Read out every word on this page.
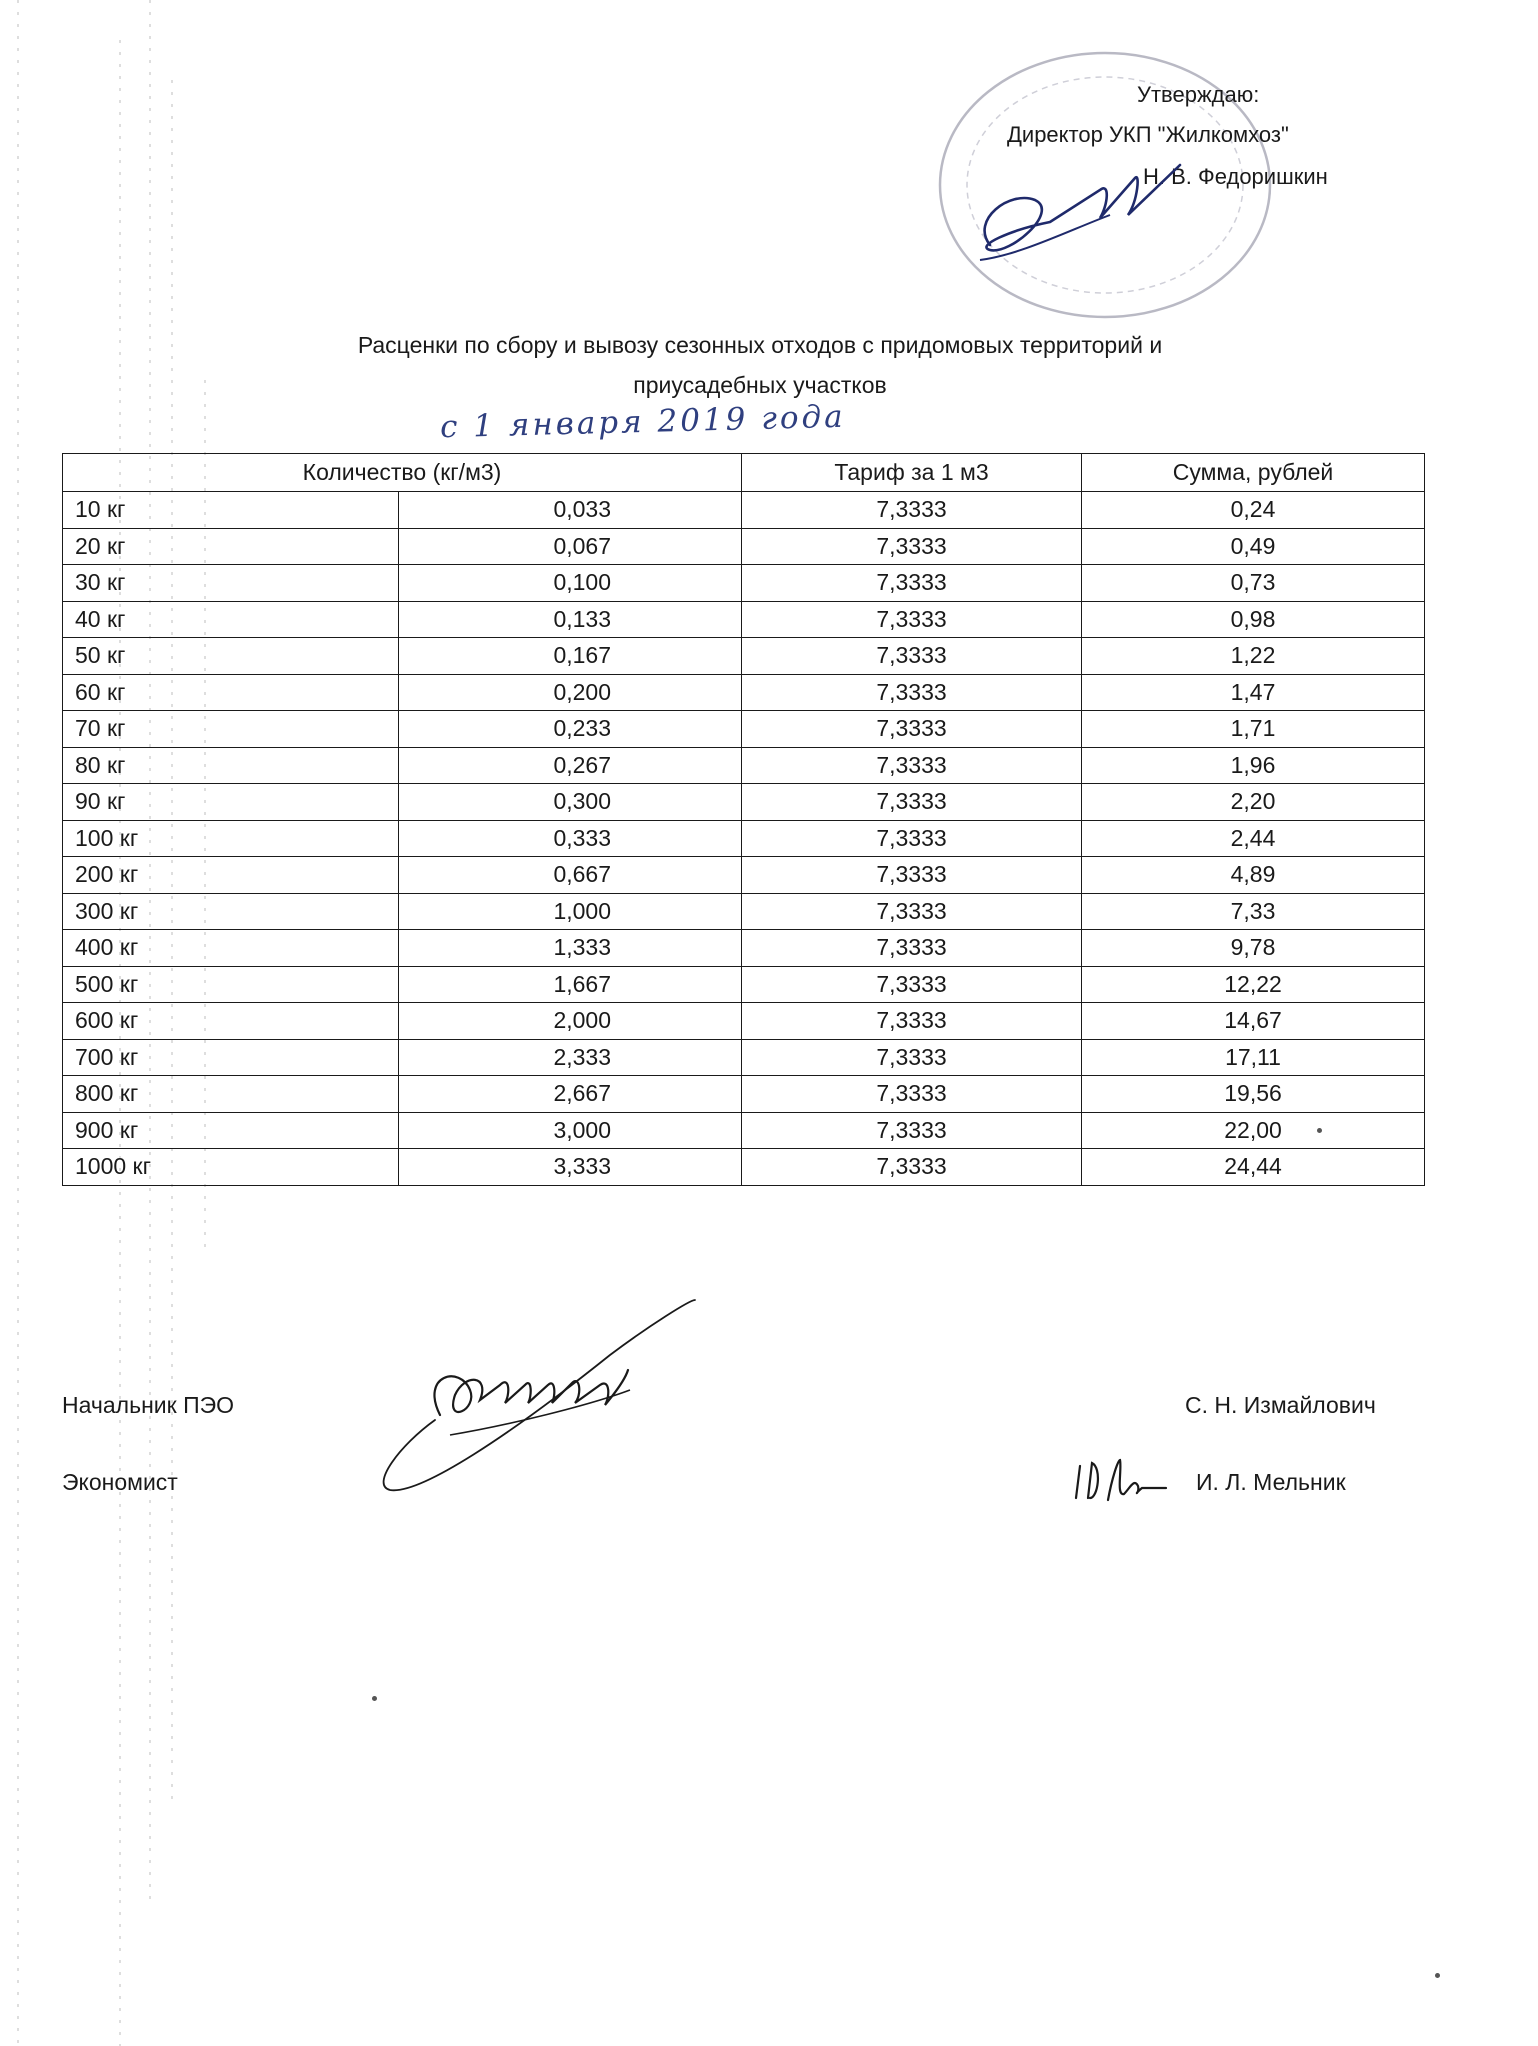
Утверждаю:
Директор УКП "Жилкомхоз"
Н. В. Федоришкин
Расценки по сбору и вывозу сезонных отходов с придомовых территорий и
приусадебных участков
с 1 января 2019 года
Количество (кг/м3)		Тариф за 1 м3	Сумма, рублей
10 кг	0,033	7,3333	0,24
20 кг	0,067	7,3333	0,49
30 кг	0,100	7,3333	0,73
40 кг	0,133	7,3333	0,98
50 кг	0,167	7,3333	1,22
60 кг	0,200	7,3333	1,47
70 кг	0,233	7,3333	1,71
80 кг	0,267	7,3333	1,96
90 кг	0,300	7,3333	2,20
100 кг	0,333	7,3333	2,44
200 кг	0,667	7,3333	4,89
300 кг	1,000	7,3333	7,33
400 кг	1,333	7,3333	9,78
500 кг	1,667	7,3333	12,22
600 кг	2,000	7,3333	14,67
700 кг	2,333	7,3333	17,11
800 кг	2,667	7,3333	19,56
900 кг	3,000	7,3333	22,00
1000 кг	3,333	7,3333	24,44
Начальник ПЭО	С. Н. Измайлович
Экономист	И. Л. Мельник
